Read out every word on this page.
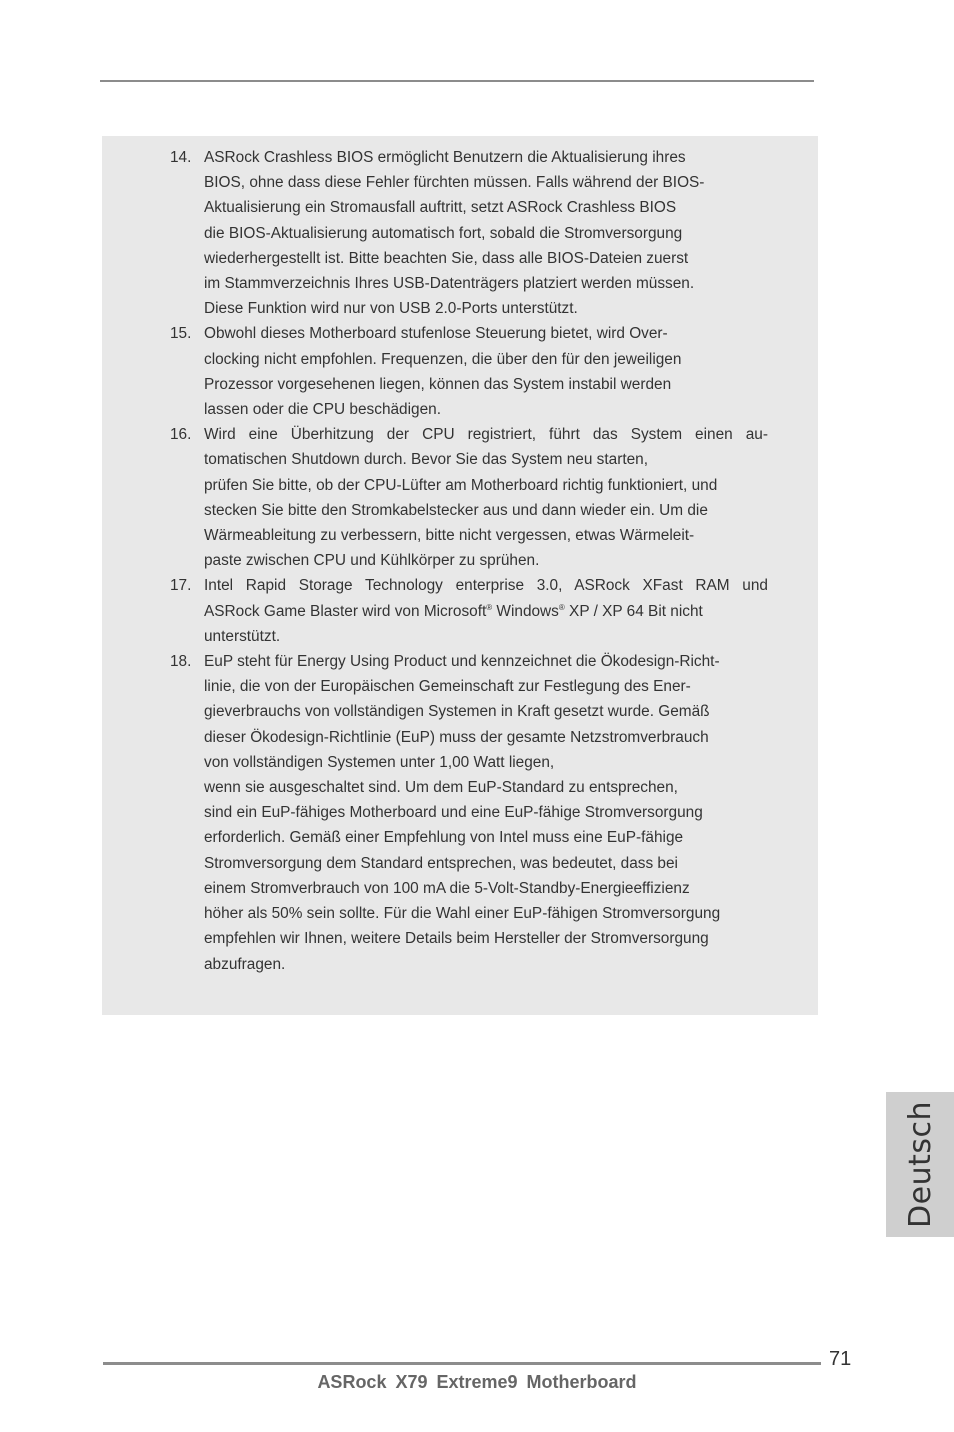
14. ASRock Crashless BIOS ermöglicht Benutzern die Aktualisierung ihres
BIOS, ohne dass diese Fehler fürchten müssen. Falls während der BIOS-
Aktualisierung ein Stromausfall auftritt, setzt ASRock Crashless BIOS
die BIOS-Aktualisierung automatisch fort, sobald die Stromversorgung
wiederhergestellt ist. Bitte beachten Sie, dass alle BIOS-Dateien zuerst
im Stammverzeichnis Ihres USB-Datenträgers platziert werden müssen.
Diese Funktion wird nur von USB 2.0-Ports unterstützt.
15. Obwohl dieses Motherboard stufenlose Steuerung bietet, wird Over-
clocking nicht empfohlen. Frequenzen, die über den für den jeweiligen
Prozessor vorgesehenen liegen, können das System instabil werden
lassen oder die CPU beschädigen.
16. Wird eine Überhitzung der CPU registriert, führt das System einen au-
tomatischen Shutdown durch. Bevor Sie das System neu starten,
prüfen Sie bitte, ob der CPU-Lüfter am Motherboard richtig funktioniert, und
stecken Sie bitte den Stromkabelstecker aus und dann wieder ein. Um die
Wärmeableitung zu verbessern, bitte nicht vergessen, etwas Wärmeleit-
paste zwischen CPU und Kühlkörper zu sprühen.
17. Intel Rapid Storage Technology enterprise 3.0, ASRock XFast RAM und
ASRock Game Blaster wird von Microsoft® Windows® XP / XP 64 Bit nicht
unterstützt.
18. EuP steht für Energy Using Product und kennzeichnet die Ökodesign-Richt-
linie, die von der Europäischen Gemeinschaft zur Festlegung des Ener-
gieverbrauchs von vollständigen Systemen in Kraft gesetzt wurde. Gemäß
dieser Ökodesign-Richtlinie (EuP) muss der gesamte Netzstromverbrauch
von vollständigen Systemen unter 1,00 Watt liegen,
wenn sie ausgeschaltet sind. Um dem EuP-Standard zu entsprechen,
sind ein EuP-fähiges Motherboard und eine EuP-fähige Stromversorgung
erforderlich. Gemäß einer Empfehlung von Intel muss eine EuP-fähige
Stromversorgung dem Standard entsprechen, was bedeutet, dass bei
einem Stromverbrauch von 100 mA die 5-Volt-Standby-Energieeffizienz
höher als 50% sein sollte. Für die Wahl einer EuP-fähigen Stromversorgung
empfehlen wir Ihnen, weitere Details beim Hersteller der Stromversorgung
abzufragen.
Deutsch
71
ASRock X79 Extreme9 Motherboard
